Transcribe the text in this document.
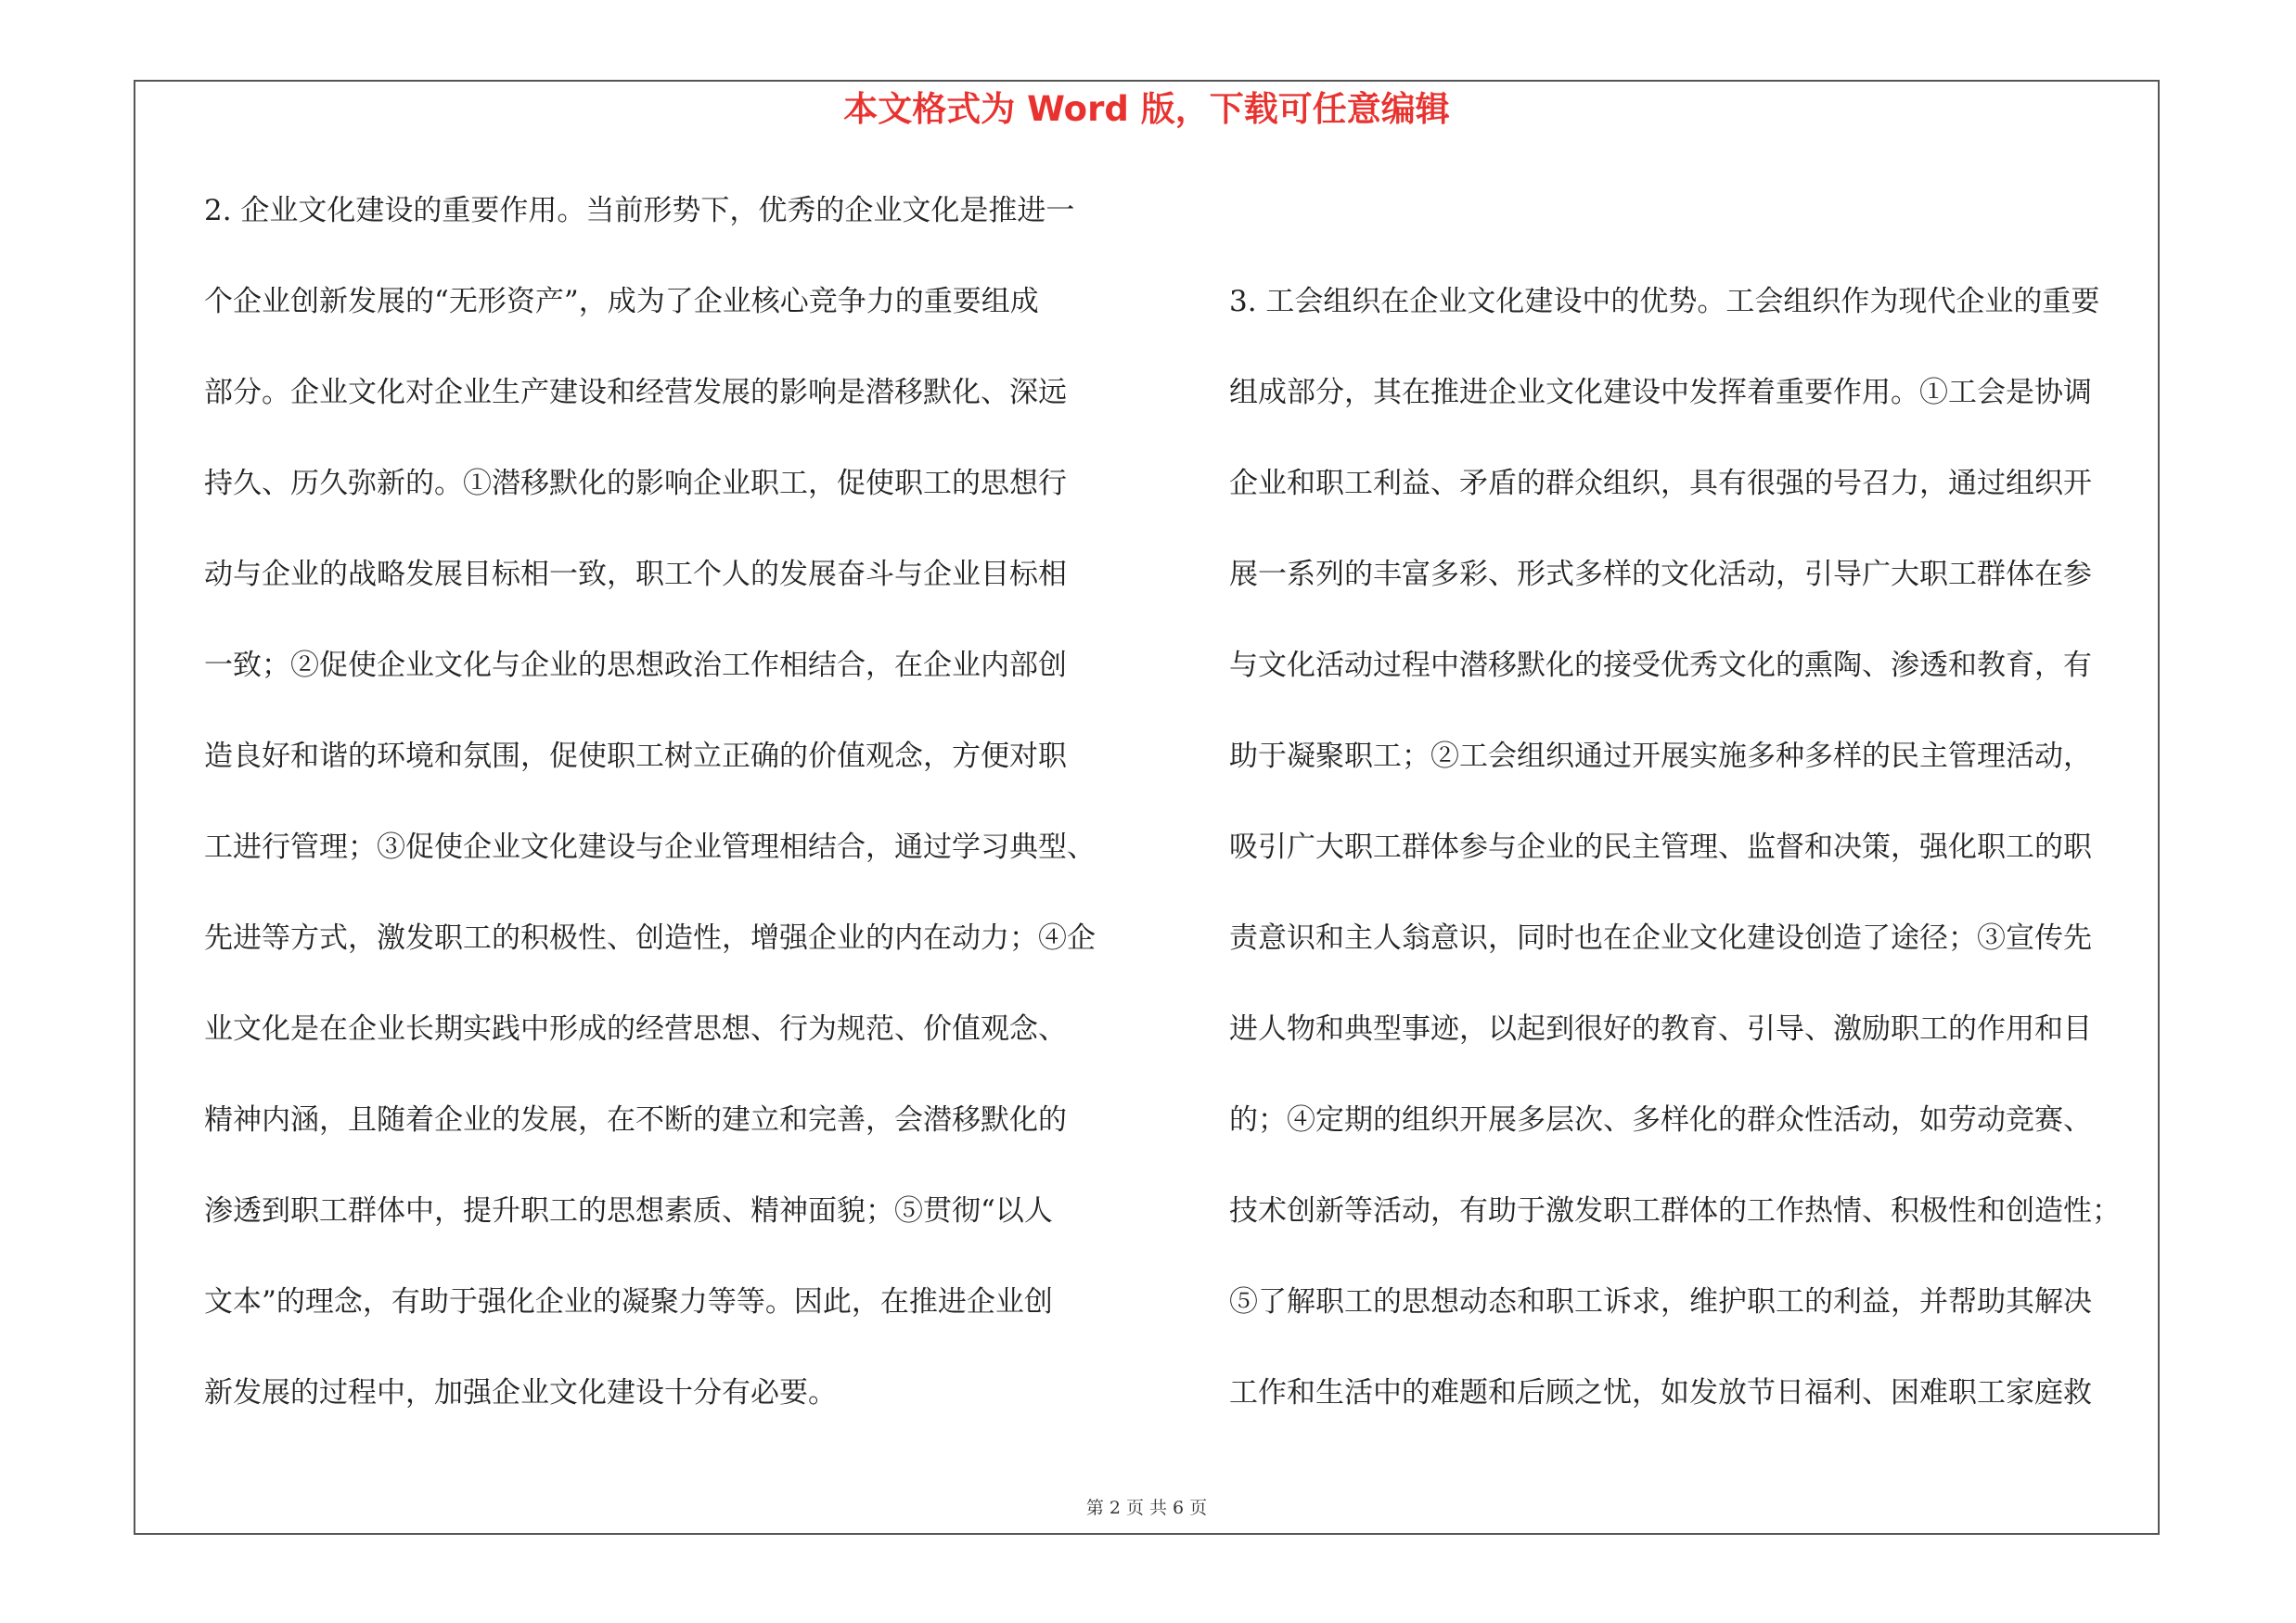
本文格式为 Word 版，下载可任意编辑
2. 企业文化建设的重要作用。当前形势下，优秀的企业文化是推进一
个企业创新发展的“无形资产”，成为了企业核心竞争力的重要组成
部分。企业文化对企业生产建设和经营发展的影响是潜移默化、深远
持久、历久弥新的。①潜移默化的影响企业职工，促使职工的思想行
动与企业的战略发展目标相一致，职工个人的发展奋斗与企业目标相
一致；②促使企业文化与企业的思想政治工作相结合，在企业内部创
造良好和谐的环境和氛围，促使职工树立正确的价值观念，方便对职
工进行管理；③促使企业文化建设与企业管理相结合，通过学习典型、
先进等方式，激发职工的积极性、创造性，增强企业的内在动力；④企
业文化是在企业长期实践中形成的经营思想、行为规范、价值观念、
精神内涵，且随着企业的发展，在不断的建立和完善，会潜移默化的
渗透到职工群体中，提升职工的思想素质、精神面貌；⑤贯彻“以人
文本”的理念，有助于强化企业的凝聚力等等。因此，在推进企业创
新发展的过程中，加强企业文化建设十分有必要。
3. 工会组织在企业文化建设中的优势。工会组织作为现代企业的重要
组成部分，其在推进企业文化建设中发挥着重要作用。①工会是协调
企业和职工利益、矛盾的群众组织，具有很强的号召力，通过组织开
展一系列的丰富多彩、形式多样的文化活动，引导广大职工群体在参
与文化活动过程中潜移默化的接受优秀文化的熏陶、渗透和教育，有
助于凝聚职工；②工会组织通过开展实施多种多样的民主管理活动，
吸引广大职工群体参与企业的民主管理、监督和决策，强化职工的职
责意识和主人翁意识，同时也在企业文化建设创造了途径；③宣传先
进人物和典型事迹，以起到很好的教育、引导、激励职工的作用和目
的；④定期的组织开展多层次、多样化的群众性活动，如劳动竞赛、
技术创新等活动，有助于激发职工群体的工作热情、积极性和创造性；
⑤了解职工的思想动态和职工诉求，维护职工的利益，并帮助其解决
工作和生活中的难题和后顾之忧，如发放节日福利、困难职工家庭救
第 2 页 共 6 页
